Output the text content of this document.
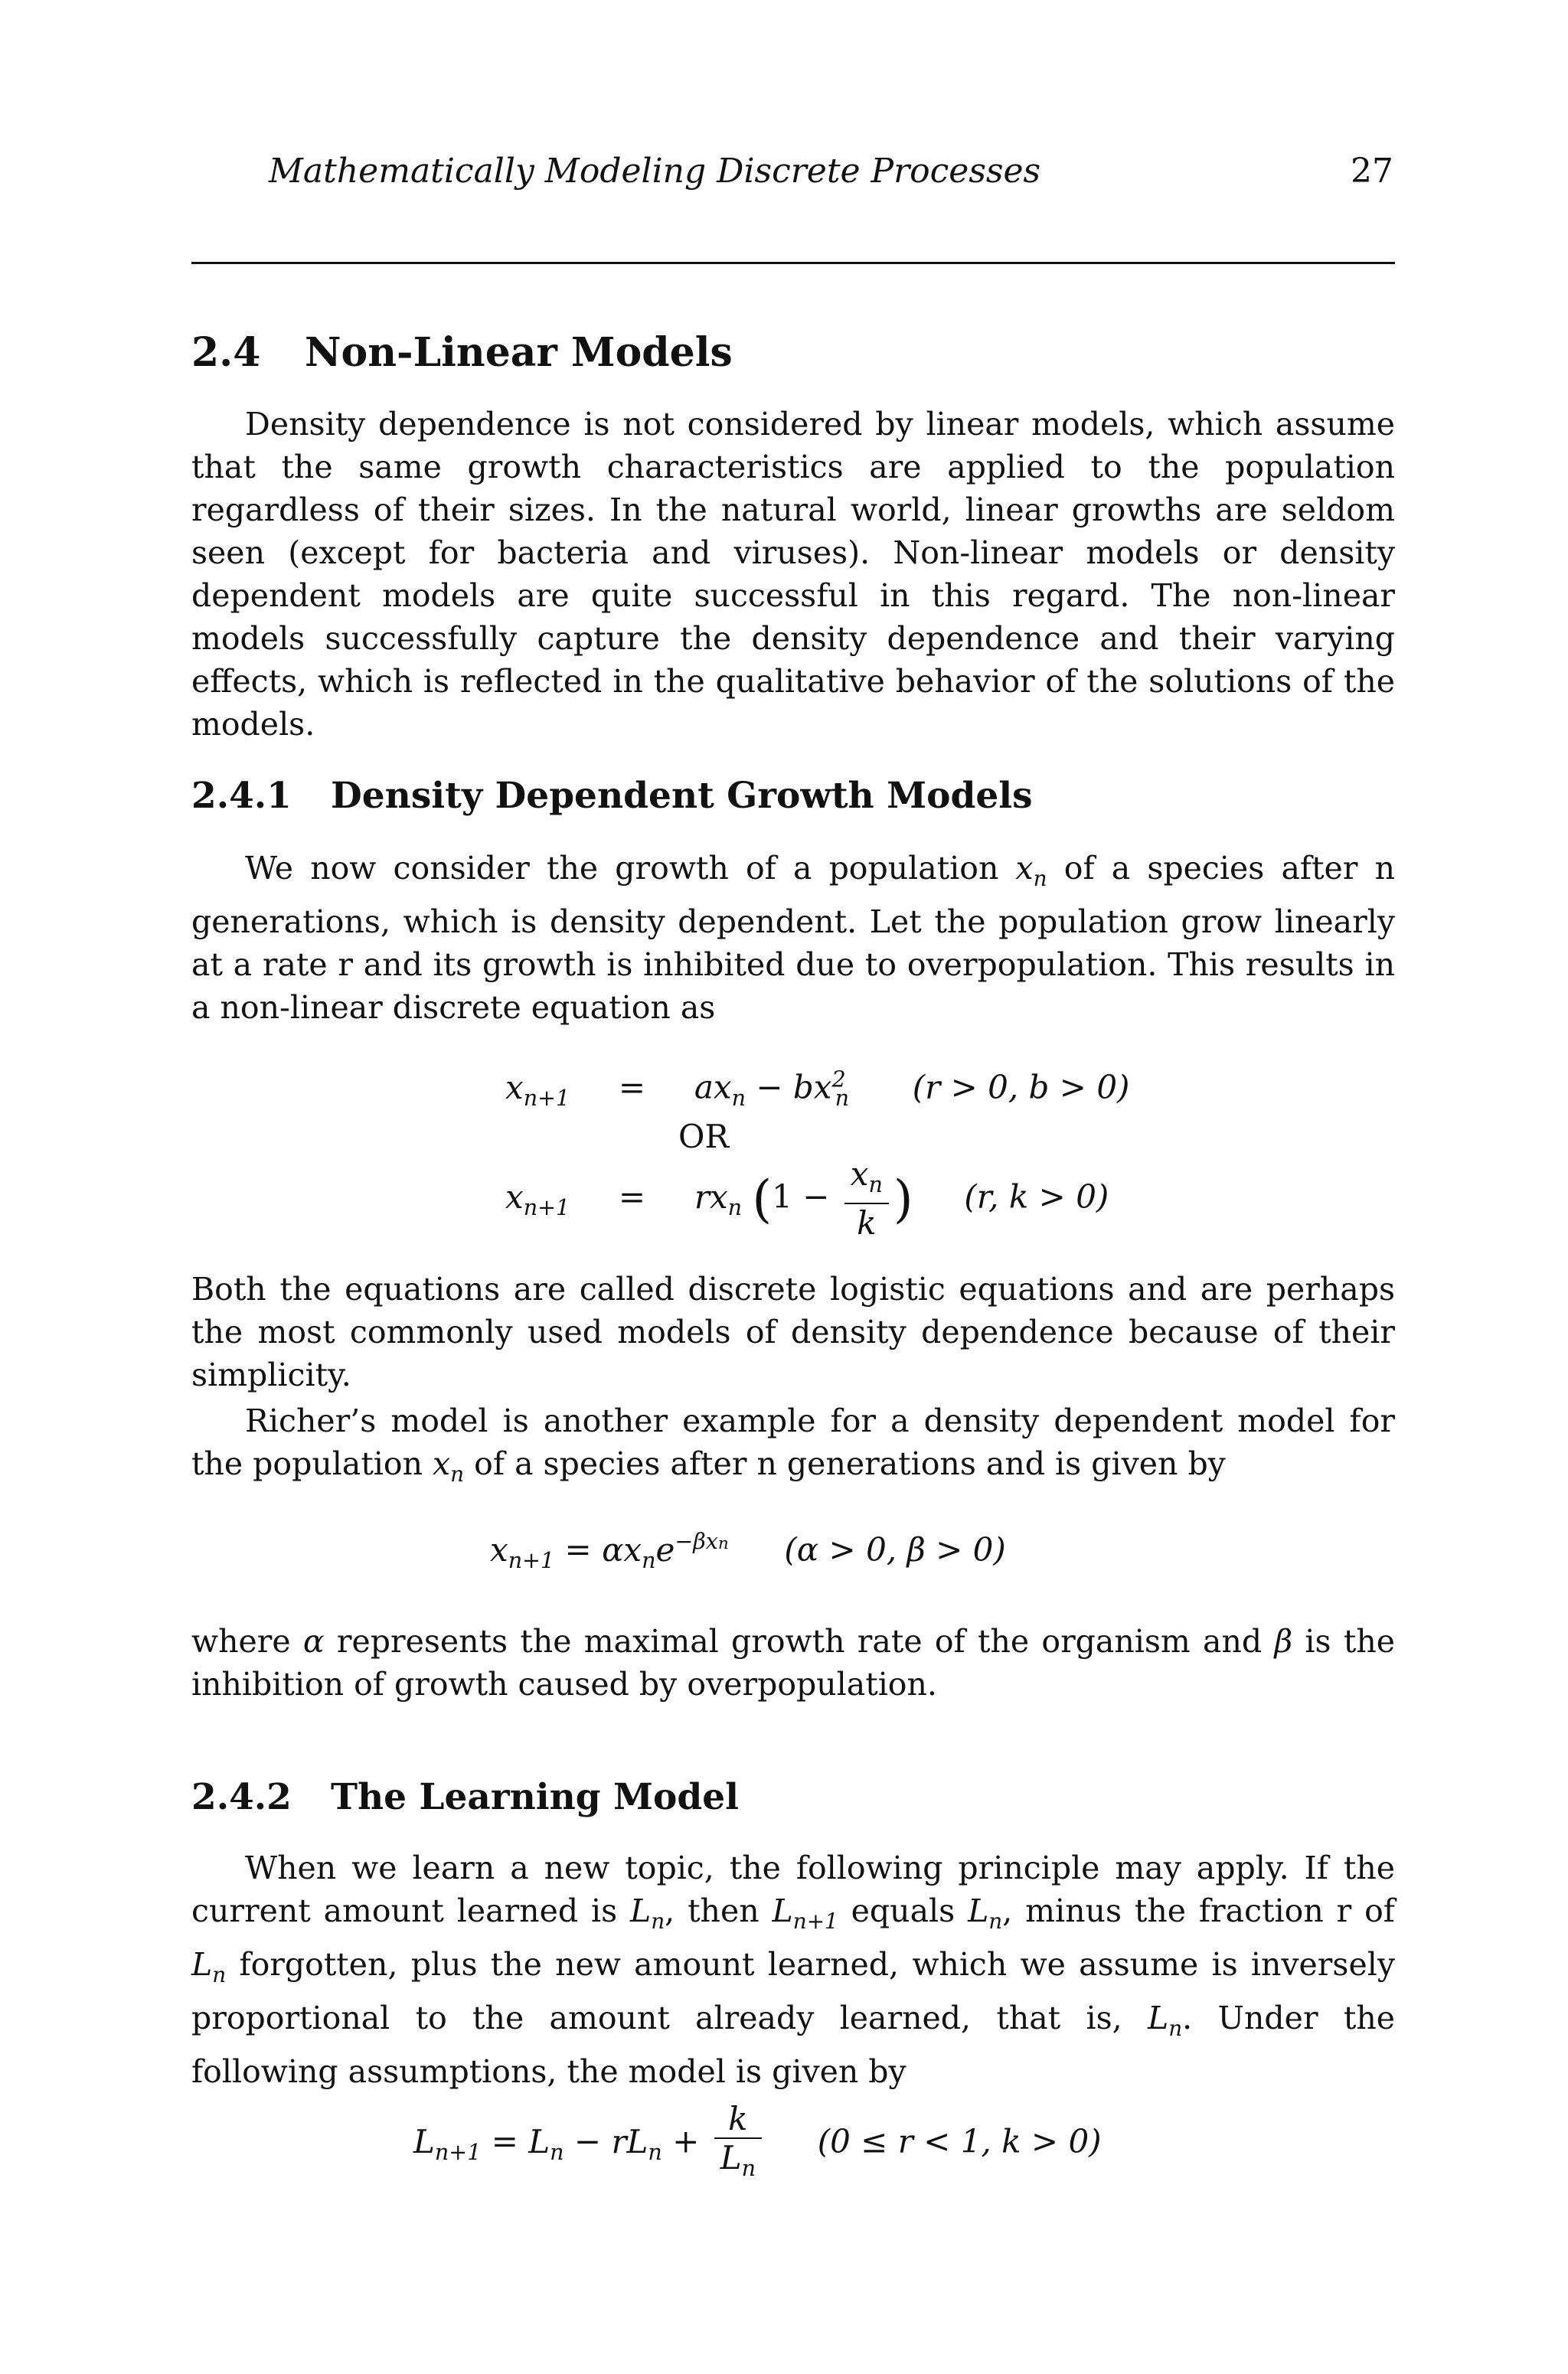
Mathematically Modeling Discrete Processes	27
2.4 Non-Linear Models

Density dependence is not considered by linear models, which assume that the same growth characteristics are applied to the population regardless of their sizes. In the natural world, linear growths are seldom seen (except for bacteria and viruses). Non-linear models or density dependent models are quite successful in this regard. The non-linear models successfully capture the density dependence and their varying effects, which is reflected in the qualitative behavior of the solutions of the models.

2.4.1 Density Dependent Growth Models

We now consider the growth of a population $x_n$ of a species after n generations, which is density dependent. Let the population grow linearly at a rate r and its growth is inhibited due to overpopulation. This results in a non-linear discrete equation as

$x_{n+1} = ax_n - bx^2_n$ (r > 0, b > 0)
OR
$x_{n+1} = rx_n$ ($1 - \frac{x_n}{k}$ ) (r, k > 0)

Both the equations are called discrete logistic equations and are perhaps the most commonly used models of density dependence because of their simplicity.

Richer’s model is another example for a density dependent model for the population $x_n$ of a species after n generations and is given by

$x_{n+1} = \alpha x_ne^{-\beta xn}$ (α > 0, β > 0)

where α represents the maximal growth rate of the organism and β is the inhibition of growth caused by overpopulation.

2.4.2 The Learning Model

When we learn a new topic, the following principle may apply. If the current amount learned is $L_n$, then $L_{n+1}$ equals $L_n$, minus the fraction r of $L_n$ forgotten, plus the new amount learned, which we assume is inversely proportional to the amount already learned, that is, $L_n$. Under the following assumptions, the model is given by

$L_{n+1} = L_n - rL_n + \frac{k}{L_n} (0 \le r < 1$, k > 0)
